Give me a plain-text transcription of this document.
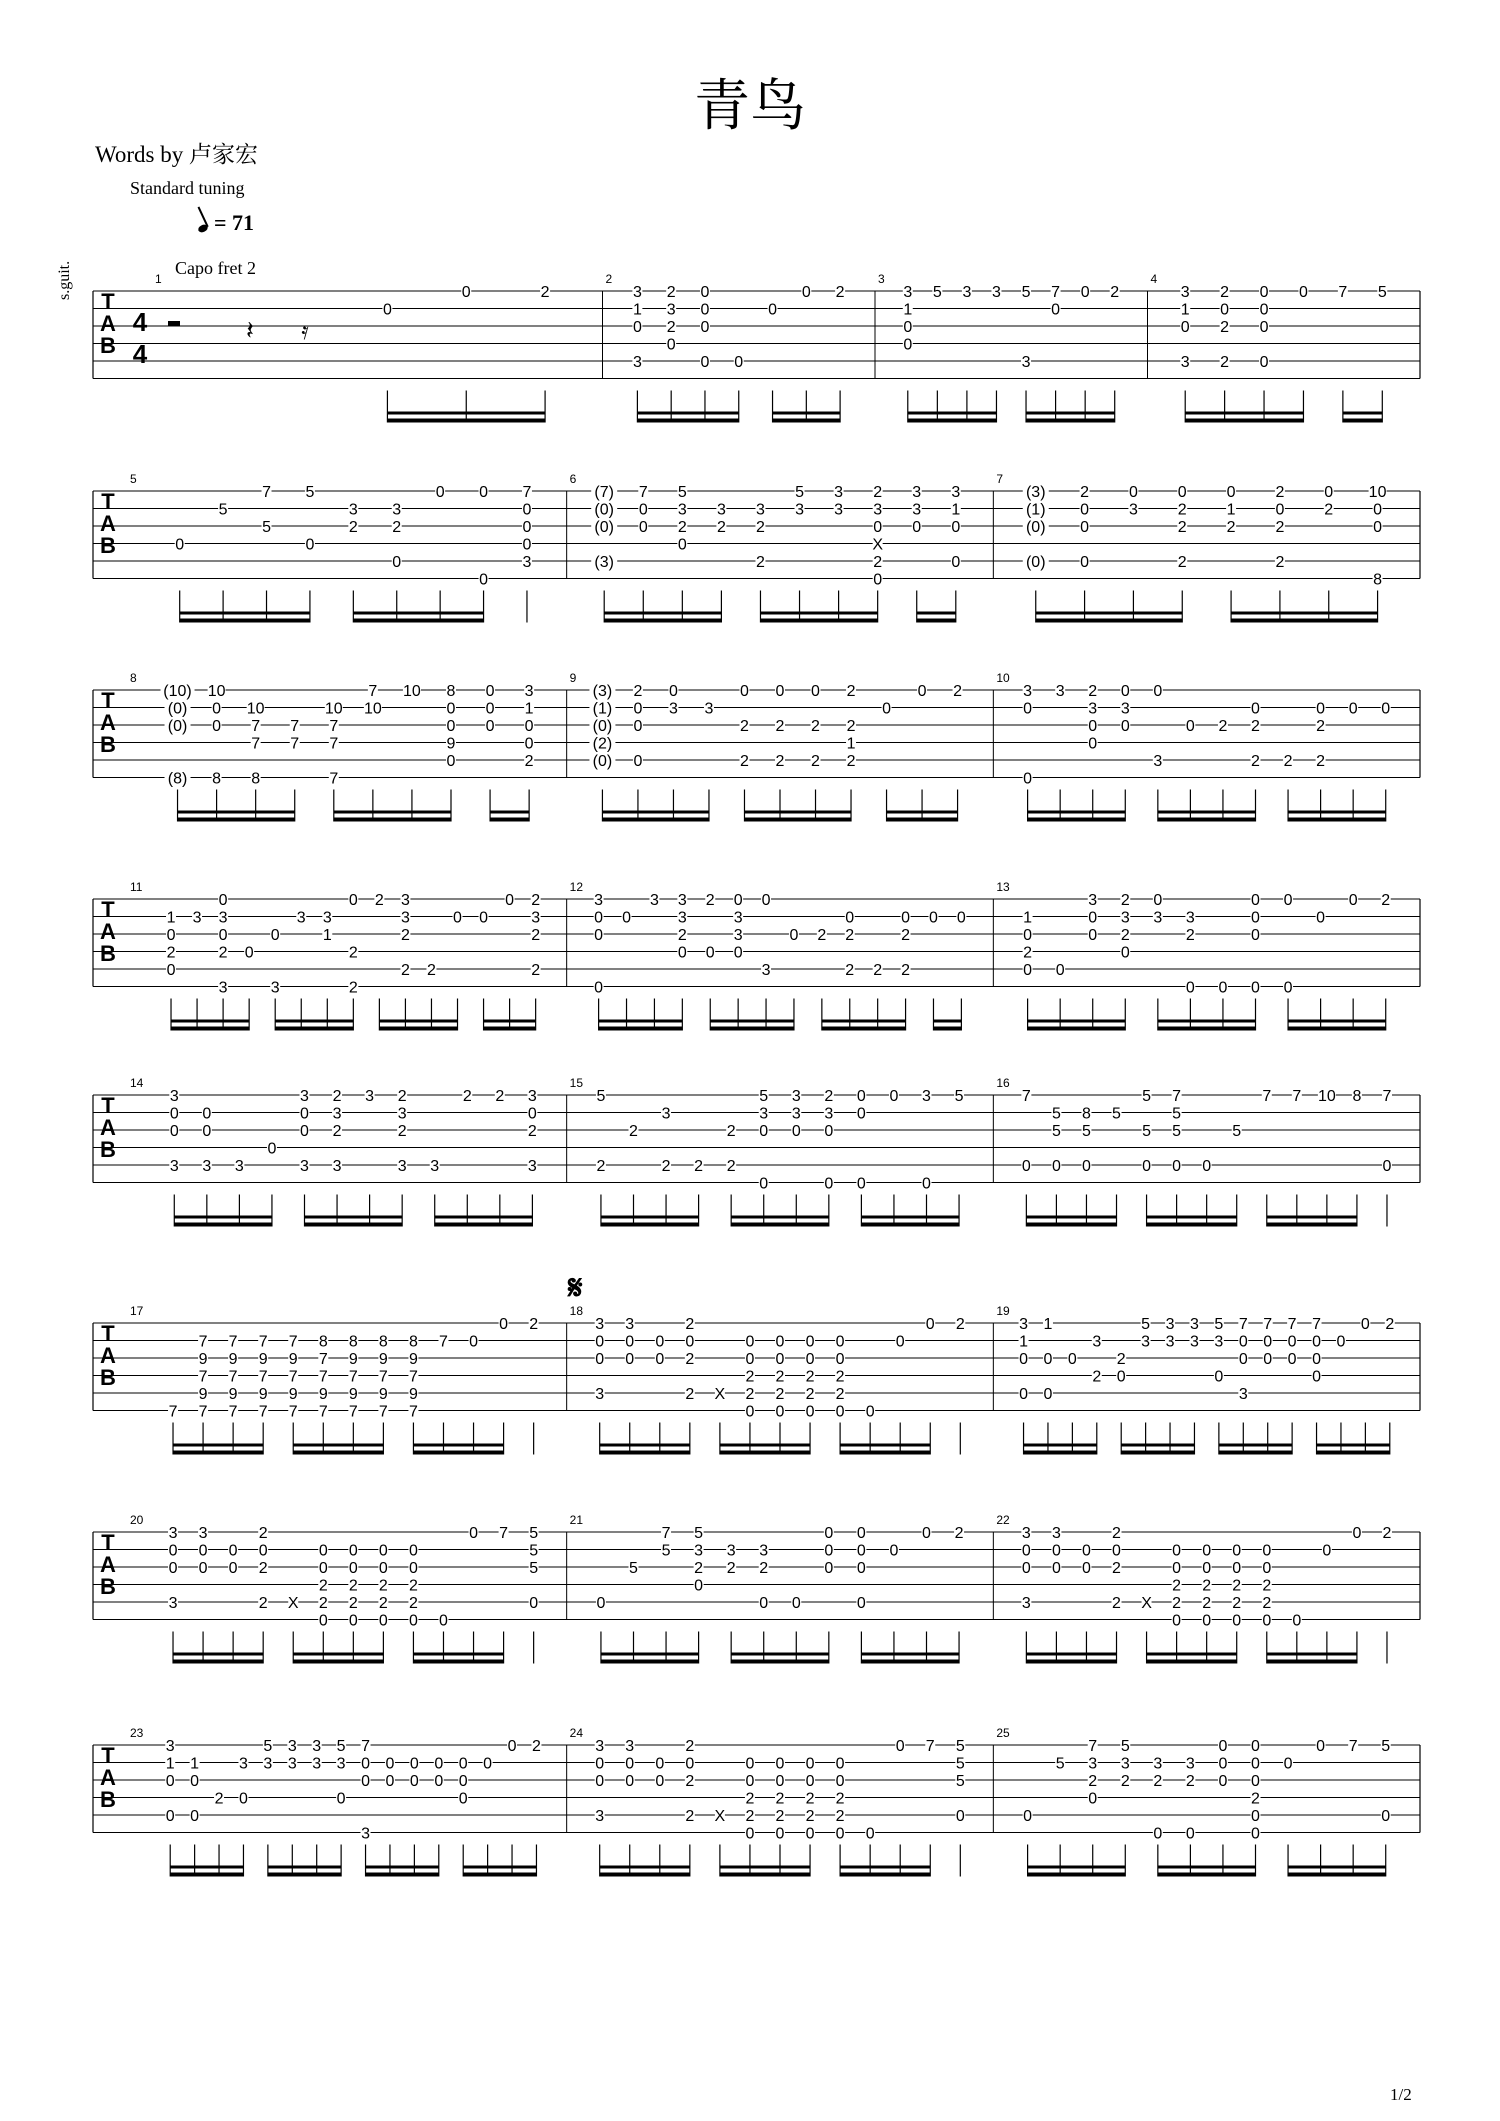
青鸟
Words by 卢家宏
Standard tuning
= 71
Capo fret 2
s.guit.
𝄋
1/2
T
A
B
4
4
𝄽 𝄿
1
0
0	2
2
3
1
0
3
2
3
2
0
0
0
0
0 0
0
0 2
3
3
1
0
0
5 3 3 5
3
7
0
0 2
4
3
1
0
3
2
0
2
2
0
0
0
0
0 7 5
T
A
B
5
0
5
7
5
5
0
3
2
3
2
0
0 0
0
7
0
0
0
3
6
(7)
(0)
(0)
(3)
7
0
0
5
3
2
0
3
2
3
2
2
5
3
3
3
2
3
0
X
2
0
3
3
0
3
1
0
0
7
(3)
(1)
(0)
(0)
2
0
0
0
0
3
0
2
2
2
0
1
2
2
0
2
2
0
2
10
0
0
8
T
A
B
8
(10)
(0)
(0)
(8)
10
0
0
8
10
7
7
8
7
7
10
7
7
7
7
10
10 8
0
0
9
0
0
0
0
3
1
0
0
2
9
(3)
(1)
(0)
(2)
(0)
2
0
0
0
0
3 3
0
2
2
0
2
2
0
2
2
2
2
1
2
0
0 2
10
3
0
0
3 2
3
0
0
0
3
0
0
3
0 2
0
2
2 2
0
2
2
0 0
T
A
B
11
1
0
2
0
3
0
3
0
2
3
0
0
3
3 3
1
0
2
2
2 3
3
2
2 2
0 0
0 2
3
2
2
12
3
0
0
0
0
3 3
3
2
0
2
0
0
3
3
0
0
3
0 2
0
2
2 2
0
2
2
0 0
13
1
0
2
0 0
3
0
0
2
3
2
0
0
3 3
2
0 0
0
0
0
0
0
0
0
0 2
T
A
B
14
3
0
0
3
0
0
3 3
0
3
0
0
3
2
3
2
3
3 2
3
2
3 3
2 2 3
0
2
3
15
5
2
2
3
2 2
2
2
5
3
0
0
3
3
0
2
3
0
0
0
0
0
0 3
0
5
16
7
0
5
5
0
8
5
0
5
5
5
0
7
5
5
0 0
5
7 7 10 8 7
0
T
A
B
17
7
7
9
7
9
7
7
9
7
9
7
7
9
7
9
7
7
9
7
9
7
8
7
7
9
7
8
9
7
9
7
8
9
7
9
7
8
9
7
9
7
7 0
0 2
18
3
0
0
3
3
0
0
0
0
2
0
2
2 X
0
0
2
2
0
0
0
2
2
0
0
0
2
2
0
0
0
2
2
0 0
0
0 2
19
3
1
0
0
1
0
0
0
3
2
2
0
5
3
3
3
3
3
5
3
0
7
0
0
3
7
0
0
7
0
0
7
0
0
0
0
0 2
T
A
B
20
3
0
0
3
3
0
0
0
0
2
0
2
2 X
0
0
2
2
0
0
0
2
2
0
0
0
2
2
0
0
0
2
2
0 0
0 7 5
5
5
0
21
0
5
7
5
5
3
2
0
3
2
3
2
0 0
0
0
0
0
0
0
0
0
0 2
22
3
0
0
3
3
0
0
0
0
2
0
2
2 X
0
0
2
2
0
0
0
2
2
0
0
0
2
2
0
0
0
2
2
0 0
0
0 2
T
A
B
23
3
1
0
0
1
0
0
2
3
0
5
3
3
3
3
3
5
3
0
7
0
0
3
0
0
0
0
0
0
0
0
0
0
0 2
24
3
0
0
3
3
0
0
0
0
2
0
2
2 X
0
0
2
2
0
0
0
2
2
0
0
0
2
2
0
0
0
2
2
0 0
0 7 5
5
5
0
25
0
5
7
3
2
0
5
3
2
3
2
0
3
2
0
0
0
0
0
0
0
2
0
0
0
0 7 5
0
